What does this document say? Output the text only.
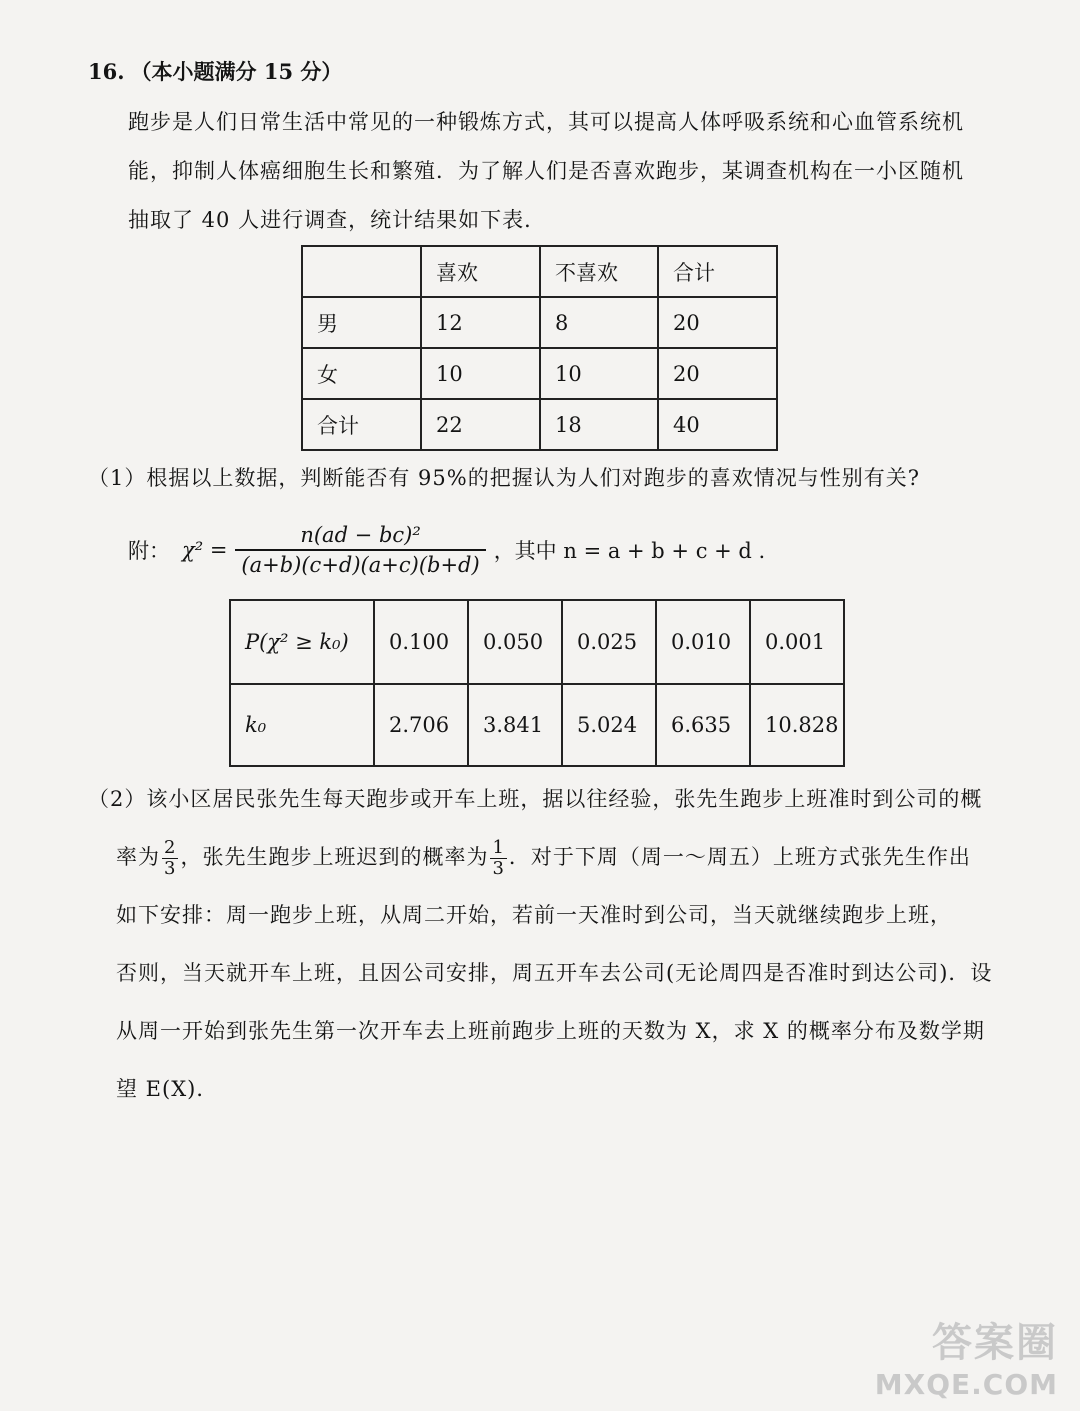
16. （本小题满分 15 分）
跑步是人们日常生活中常见的一种锻炼方式，其可以提高人体呼吸系统和心血管系统机
能，抑制人体癌细胞生长和繁殖．为了解人们是否喜欢跑步，某调查机构在一小区随机
抽取了 40 人进行调查，统计结果如下表．
	喜欢	不喜欢	合计
男	12	8	20
女	10	10	20
合计	22	18	40
（1）根据以上数据，判断能否有 95%的把握认为人们对跑步的喜欢情况与性别有关?
附： $\chi^2 = \frac{\text{n(ad − bc)²}}{(a+b)(c+d)(a+c)(b+d)}$ ，其中 n = a + b + c + d .
P(χ² ≥ k₀)	0.100	0.050	0.025	0.010	0.001
k₀	2.706	3.841	5.024	6.635	10.828
（2）该小区居民张先生每天跑步或开车上班，据以往经验，张先生跑步上班准时到公司的概
率为 $\frac{2}{3}$ ，张先生跑步上班迟到的概率为 $\frac{1}{3}$ ．对于下周（周一～周五）上班方式张先生作出
如下安排：周一跑步上班，从周二开始，若前一天准时到公司，当天就继续跑步上班，
否则，当天就开车上班，且因公司安排，周五开车去公司(无论周四是否准时到达公司)．设
从周一开始到张先生第一次开车去上班前跑步上班的天数为 X，求 X 的概率分布及数学期
望 E(X)．
答案圈
MXQE.COM
